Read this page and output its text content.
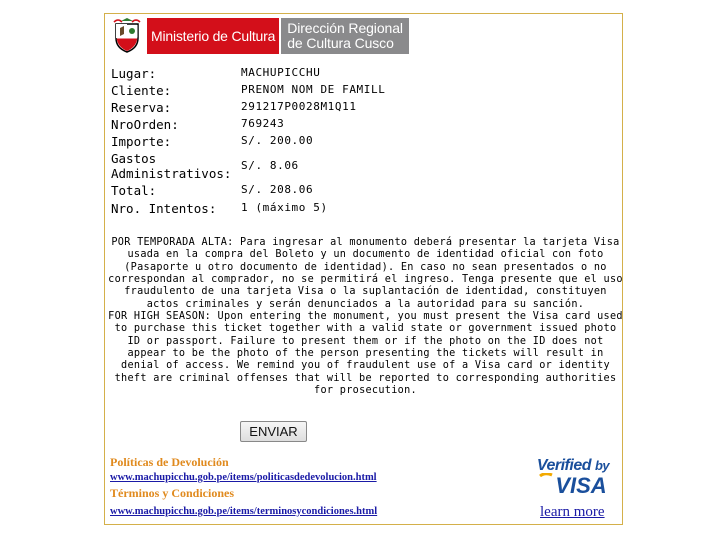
Ministerio de Cultura Dirección Regional
de Cultura Cusco
Lugar:	MACHUPICCHU
Cliente:	PRENOM NOM DE FAMILL
Reserva:	291217P0028M1Q11
NroOrden:	769243
Importe:	S/. 200.00
Gastos
Administrativos:
S/. 8.06
Total:	S/. 208.06
Nro. Intentos:	1 (máximo 5)

POR TEMPORADA ALTA: Para ingresar al monumento deberá presentar la tarjeta Visa usada en la compra del Boleto y un documento de identidad oficial con foto (Pasaporte u otro documento de identidad). En caso no sean presentados o no correspondan al comprador, no se permitirá el ingreso. Tenga presente que el uso fraudulento de una tarjeta Visa o la suplantación de identidad, constituyen actos criminales y serán denunciados a la autoridad para su sanción.

FOR HIGH SEASON: Upon entering the monument, you must present the Visa card used to purchase this ticket together with a valid state or government issued photo ID or passport. Failure to present them or if the photo on the ID does not appear to be the photo of the person presenting the tickets will result in denial of access. We remind you of fraudulent use of a Visa card or identity theft are criminal offenses that will be reported to corresponding authorities for prosecution.

ENVIAR
Políticas de Devolución
www.machupicchu.gob.pe/items/politicasdedevolucion.html
Términos y Condiciones
www.machupicchu.gob.pe/items/terminosycondiciones.html
Verified by
VISA
learn more
